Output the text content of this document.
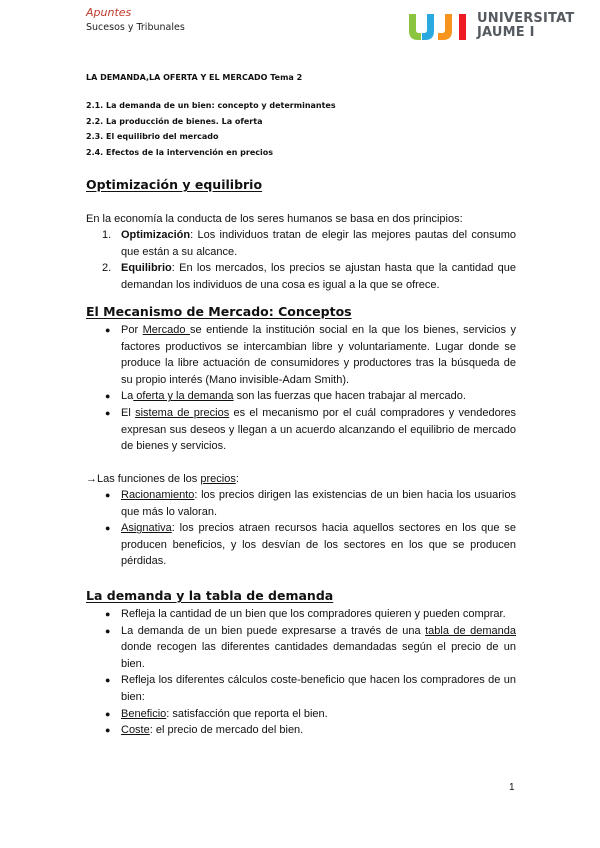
Apuntes
Sucesos y Tribunales
UNIVERSITAT
JAUME I
LA DEMANDA,LA OFERTA Y EL MERCADO Tema 2
2.1. La demanda de un bien: concepto y determinantes
2.2. La producción de bienes. La oferta
2.3. El equilibrio del mercado
2.4. Efectos de la intervención en precios
Optimización y equilibrio
En la economía la conducta de los seres humanos se basa en dos principios:
1. Optimización: Los individuos tratan de elegir las mejores pautas del consumo que están a su alcance.
2. Equilibrio: En los mercados, los precios se ajustan hasta que la cantidad que demandan los individuos de una cosa es igual a la que se ofrece.
El Mecanismo de Mercado: Conceptos
● Por Mercado se entiende la institución social en la que los bienes, servicios y factores productivos se intercambian libre y voluntariamente. Lugar donde se produce la libre actuación de consumidores y productores tras la búsqueda de su propio interés (Mano invisible-Adam Smith).
● La oferta y la demanda son las fuerzas que hacen trabajar al mercado.
● El sistema de precios es el mecanismo por el cuál compradores y vendedores expresan sus deseos y llegan a un acuerdo alcanzando el equilibrio de mercado de bienes y servicios.
→Las funciones de los precios:
● Racionamiento: los precios dirigen las existencias de un bien hacia los usuarios que más lo valoran.
● Asignativa: los precios atraen recursos hacia aquellos sectores en los que se producen beneficios, y los desvían de los sectores en los que se producen pérdidas.
La demanda y la tabla de demanda
● Refleja la cantidad de un bien que los compradores quieren y pueden comprar.
● La demanda de un bien puede expresarse a través de una tabla de demanda donde recogen las diferentes cantidades demandadas según el precio de un bien.
● Refleja los diferentes cálculos coste-beneficio que hacen los compradores de un bien:
● Beneficio: satisfacción que reporta el bien.
● Coste: el precio de mercado del bien.
1
